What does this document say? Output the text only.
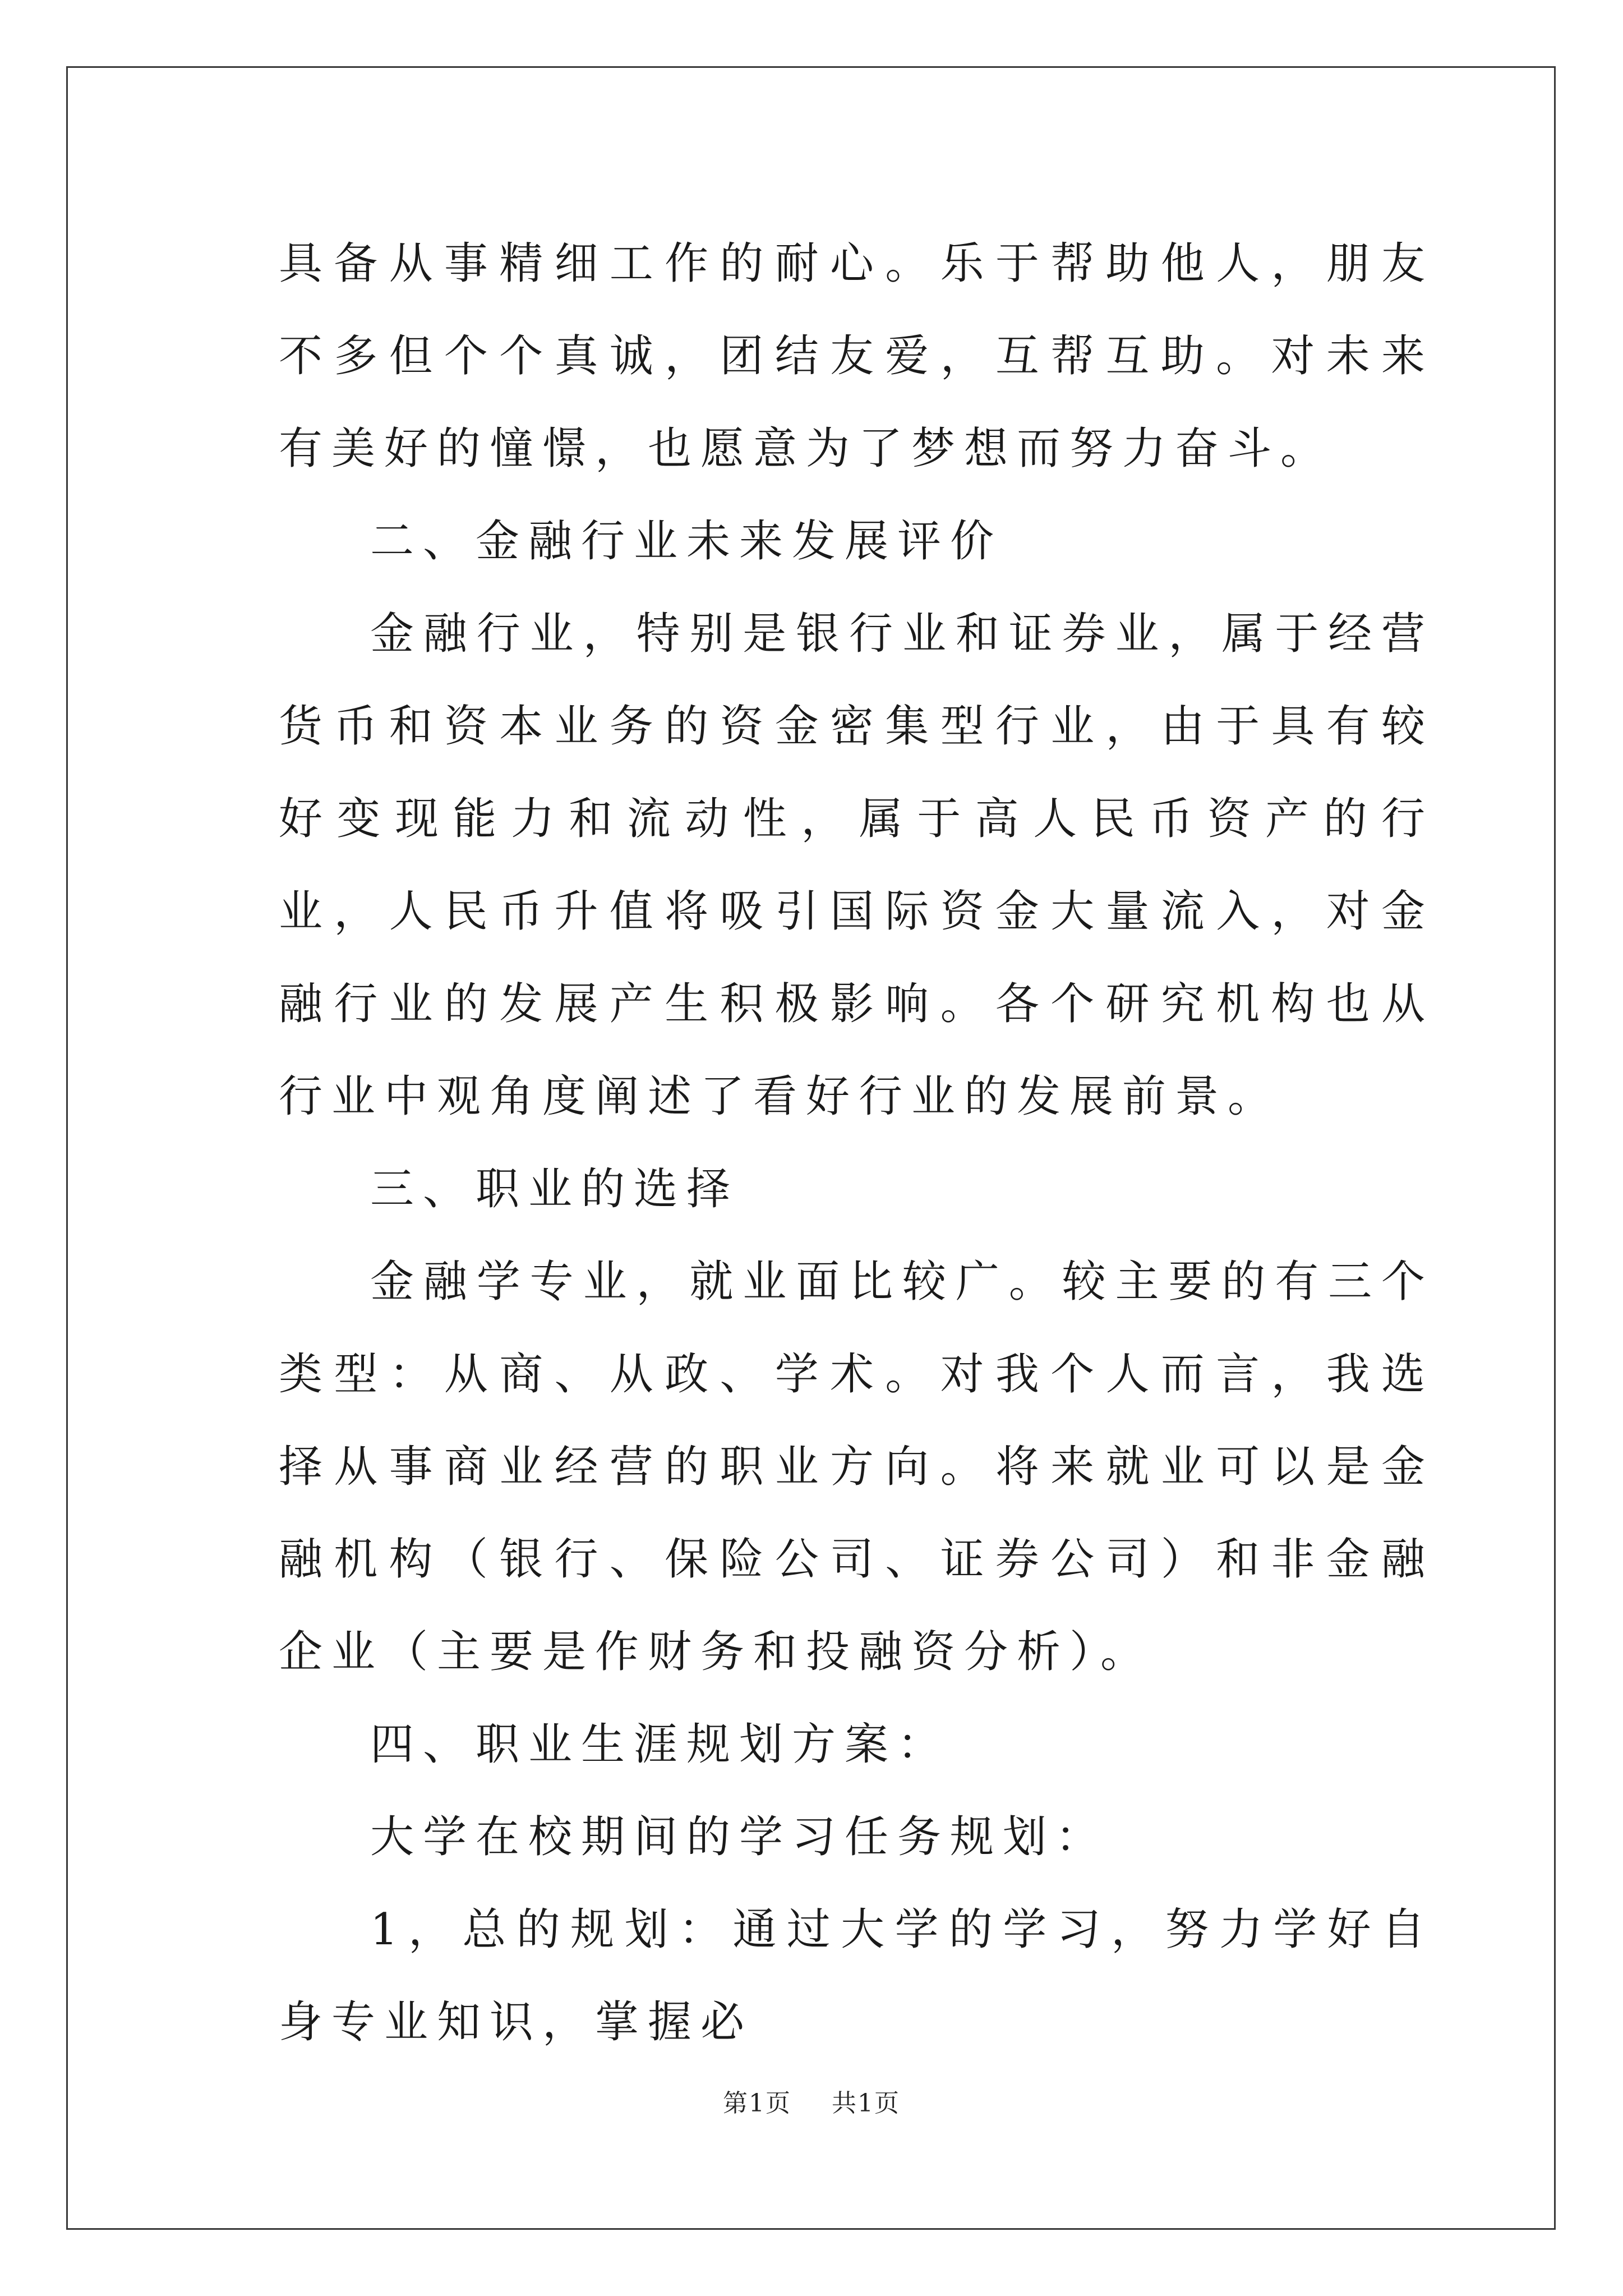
具备从事精细工作的耐心。乐于帮助他人，朋友不多但个个真诚，团结友爱，互帮互助。对未来有美好的憧憬，也愿意为了梦想而努力奋斗。

二、金融行业未来发展评价

金融行业，特别是银行业和证券业，属于经营货币和资本业务的资金密集型行业，由于具有较好变现能力和流动性，属于高人民币资产的行业，人民币升值将吸引国际资金大量流入，对金融行业的发展产生积极影响。各个研究机构也从行业中观角度阐述了看好行业的发展前景。

三、职业的选择

金融学专业，就业面比较广。较主要的有三个类型：从商、从政、学术。对我个人而言，我选择从事商业经营的职业方向。将来就业可以是金融机构（银行、保险公司、证券公司）和非金融企业（主要是作财务和投融资分析）。

四、职业生涯规划方案：

大学在校期间的学习任务规划：

1，总的规划：通过大学的学习，努力学好自身专业知识，掌握必

第1页 共1页
